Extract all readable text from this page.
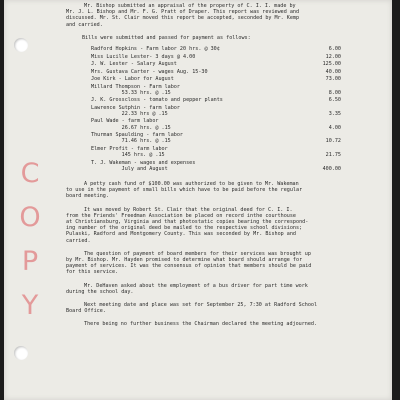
C
O
P
Y
Mr. Bishop submitted an appraisal of the property of C. I. I. made by
Mr. J. L. Bishop and Mr. F. G. Pratt of Draper. This report was reviewed and
discussed. Mr. St. Clair moved this report be accepted, seconded by Mr. Kemp
and carried.
Bills were submitted and passed for payment as follows:
Radford Hopkins - Farm labor 20 hrs. @ 30¢	6.00
Miss Lucille Lester- 3 days @ 4.00	12.00
J. W. Lester - Salary August	125.00
Mrs. Gustava Carter - wages Aug. 15-30	40.00
Joe Kirk - Labor for August	73.00
Millard Thompson - Farm labor
53.33 hrs. @ .15	8.00
J. K. Grosscloss - tomato and pepper plants	6.50
Lawrence Sutphin - farm labor
22.33 hrs @ .15	3.35
Paul Wade - farm labor
26.67 hrs. @ .15	4.00
Thurman Spaulding - farm labor
71.46 hrs. @ .15	10.72
Elmer Profit - farm labor
145 hrs. @ .15	21.75
T. J. Wakeman - wages and expenses
July and August	400.00
A petty cash fund of $100.00 was authorized to be given to Mr. Wakeman
to use in the payment of small bills which have to be paid before the regular
board meeting.
It was moved by Robert St. Clair that the original deed for C. I. I.
from the Friends' Freedman Association be placed on record inthe courthouse
at Christiansburg, Virginia and that photostatic copies bearing the correspond-
ing number of the original deed be mailed to the respective school divisions;
Pulaski, Radford and Montgomery County. This was seconded by Mr. Bishop and
carried.
The question of payment of board members for their services was brought up
by Mr. Bishop. Mr. Hayden promised to determine what board should arrange for
payment of services. It was the consensus of opinion that members should be paid
for this service.
Mr. DeHaven asked about the employment of a bus driver for part time work
during the school day.
Next meeting date and place was set for September 25, 7:30 at Radford School
Board Office.
There being no further business the Chairman declared the meeting adjourned.
